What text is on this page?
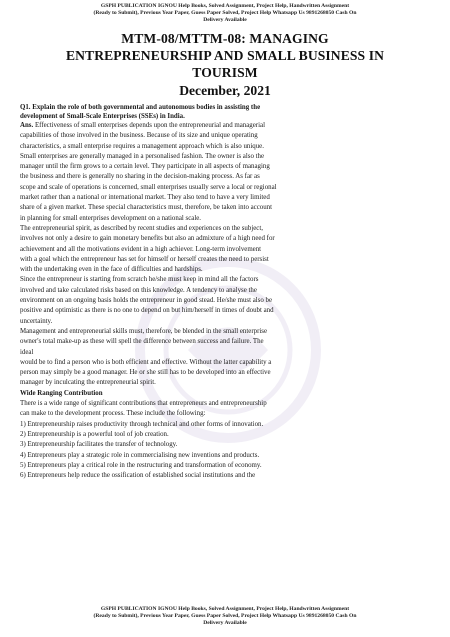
GSPH PUBLICATION IGNOU Help Books, Solved Assignment, Project Help, Handwritten Assignment
(Ready to Submit), Previous Year Paper, Guess Paper Solved, Project Help Whatsapp Us 9891268050 Cash On
Delivery Available
MTM-08/MTTM-08: MANAGING
ENTREPRENEURSHIP AND SMALL BUSINESS IN
TOURISM
December, 2021
Q1. Explain the role of both governmental and autonomous bodies in assisting the
development of Small-Scale Enterprises (SSEs) in India.
Ans. Effectiveness of small enterprises depends upon the entrepreneurial and managerial
capabilities of those involved in the business. Because of its size and unique operating
characteristics, a small enterprise requires a management approach which is also unique.
Small enterprises are generally managed in a personalised fashion. The owner is also the
manager until the firm grows to a certain level. They participate in all aspects of managing
the business and there is generally no sharing in the decision-making process. As far as
scope and scale of operations is concerned, small enterprises usually serve a local or regional
market rather than a national or international market. They also tend to have a very limited
share of a given market. These special characteristics must, therefore, be taken into account
in planning for small enterprises development on a national scale.
The entrepreneurial spirit, as described by recent studies and experiences on the subject,
involves not only a desire to gain monetary benefits but also an admixture of a high need for
achievement and all the motivations evident in a high achiever. Long-term involvement
with a goal which the entrepreneur has set for himself or herself creates the need to persist
with the undertaking even in the face of difficulties and hardships.
Since the entrepreneur is starting from scratch he/she must keep in mind all the factors
involved and take calculated risks based on this knowledge. A tendency to analyse the
environment on an ongoing basis holds the entrepreneur in good stead. He/she must also be
positive and optimistic as there is no one to depend on but him/herself in times of doubt and
uncertainty.
Management and entrepreneurial skills must, therefore, be blended in the small enterprise
owner's total make-up as these will spell the difference between success and failure. The
ideal
would be to find a person who is both efficient and effective. Without the latter capability a
person may simply be a good manager. He or she still has to be developed into an effective
manager by inculcating the entrepreneurial spirit.
Wide Ranging Contribution
There is a wide range of significant contributions that entrepreneurs and entrepreneurship
can make to the development process. These include the following:
1) Entrepreneurship raises productivity through technical and other forms of innovation.
2) Entrepreneurship is a powerful tool of job creation.
3) Entrepreneurship facilitates the transfer of technology.
4) Entrepreneurs play a strategic role in commercialising new inventions and products.
5) Entrepreneurs play a critical role in the restructuring and transformation of economy.
6) Entrepreneurs help reduce the ossification of established social institutions and the
GSPH PUBLICATION IGNOU Help Books, Solved Assignment, Project Help, Handwritten Assignment
(Ready to Submit), Previous Year Paper, Guess Paper Solved, Project Help Whatsapp Us 9891268050 Cash On
Delivery Available
